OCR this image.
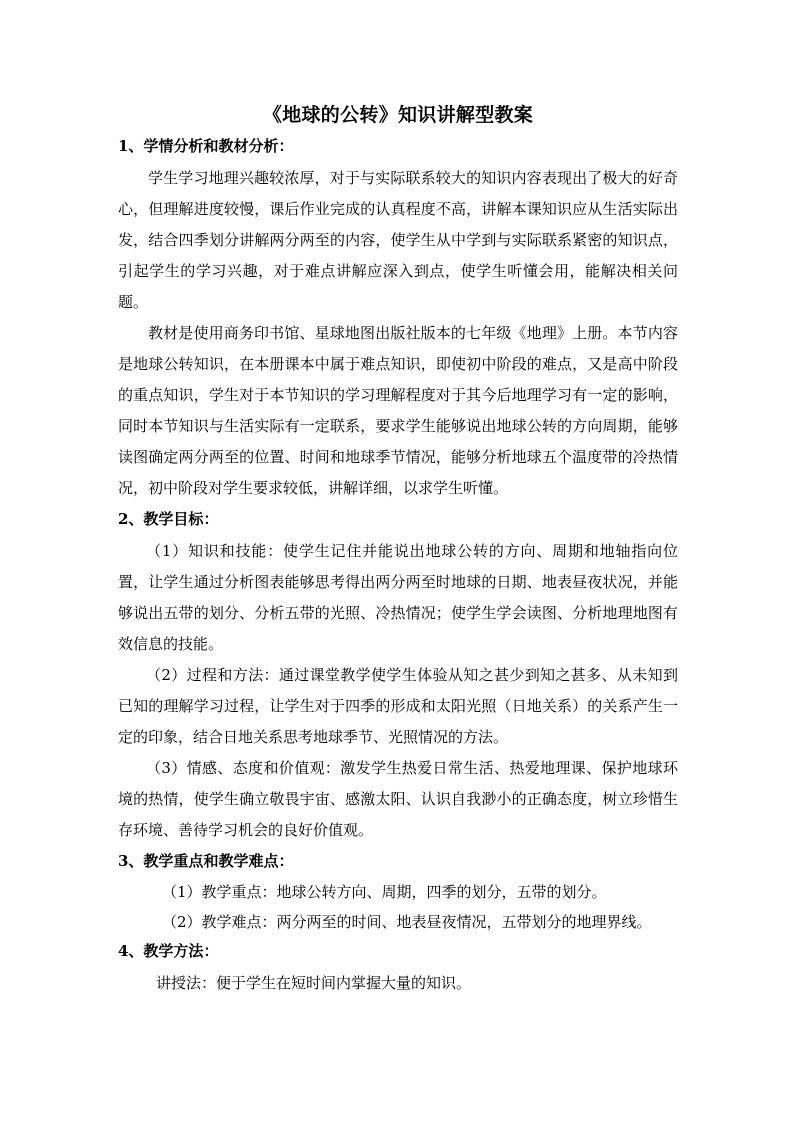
《地球的公转》知识讲解型教案
1、学情分析和教材分析：

学生学习地理兴趣较浓厚，对于与实际联系较大的知识内容表现出了极大的好奇心，但理解进度较慢，课后作业完成的认真程度不高，讲解本课知识应从生活实际出发，结合四季划分讲解两分两至的内容，使学生从中学到与实际联系紧密的知识点，引起学生的学习兴趣，对于难点讲解应深入到点，使学生听懂会用，能解决相关问题。

教材是使用商务印书馆、星球地图出版社版本的七年级《地理》上册。本节内容是地球公转知识，在本册课本中属于难点知识，即使初中阶段的难点，又是高中阶段的重点知识，学生对于本节知识的学习理解程度对于其今后地理学习有一定的影响，同时本节知识与生活实际有一定联系，要求学生能够说出地球公转的方向周期，能够读图确定两分两至的位置、时间和地球季节情况，能够分析地球五个温度带的冷热情况，初中阶段对学生要求较低，讲解详细，以求学生听懂。

2、教学目标：

（1）知识和技能：使学生记住并能说出地球公转的方向、周期和地轴指向位置，让学生通过分析图表能够思考得出两分两至时地球的日期、地表昼夜状况，并能够说出五带的划分、分析五带的光照、冷热情况；使学生学会读图、分析地理地图有效信息的技能。

（2）过程和方法：通过课堂教学使学生体验从知之甚少到知之甚多、从未知到已知的理解学习过程，让学生对于四季的形成和太阳光照（日地关系）的关系产生一定的印象，结合日地关系思考地球季节、光照情况的方法。

（3）情感、态度和价值观：激发学生热爱日常生活、热爱地理课、保护地球环境的热情，使学生确立敬畏宇宙、感激太阳、认识自我渺小的正确态度，树立珍惜生存环境、善待学习机会的良好价值观。

3、教学重点和教学难点：
（1）教学重点：地球公转方向、周期，四季的划分，五带的划分。
（2）教学难点：两分两至的时间、地表昼夜情况，五带划分的地理界线。
4、教学方法：
讲授法：便于学生在短时间内掌握大量的知识。
